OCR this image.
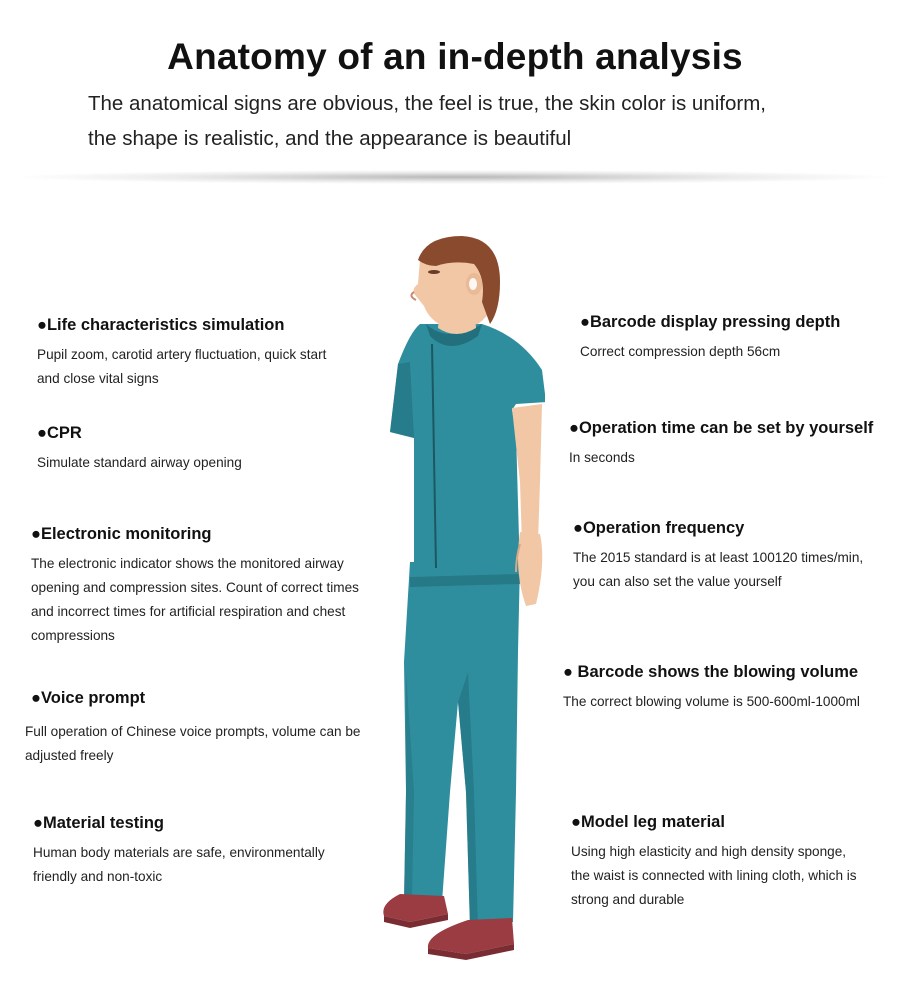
Anatomy of an in-depth analysis
The anatomical signs are obvious, the feel is true, the skin color is uniform,
the shape is realistic, and the appearance is beautiful
●Life characteristics simulation

Pupil zoom, carotid artery fluctuation, quick start
and close vital signs

●CPR

Simulate standard airway opening

●Electronic monitoring

The electronic indicator shows the monitored airway
opening and compression sites. Count of correct times
and incorrect times for artificial respiration and chest
compressions

●Voice prompt

Full operation of Chinese voice prompts, volume can be
adjusted freely

●Material testing

Human body materials are safe, environmentally
friendly and non-toxic

●Barcode display pressing depth

Correct compression depth 56cm

●Operation time can be set by yourself

In seconds

●Operation frequency

The 2015 standard is at least 100120 times/min,
you can also set the value yourself

● Barcode shows the blowing volume

The correct blowing volume is 500-600ml-1000ml

●Model leg material

Using high elasticity and high density sponge,
the waist is connected with lining cloth, which is
strong and durable
